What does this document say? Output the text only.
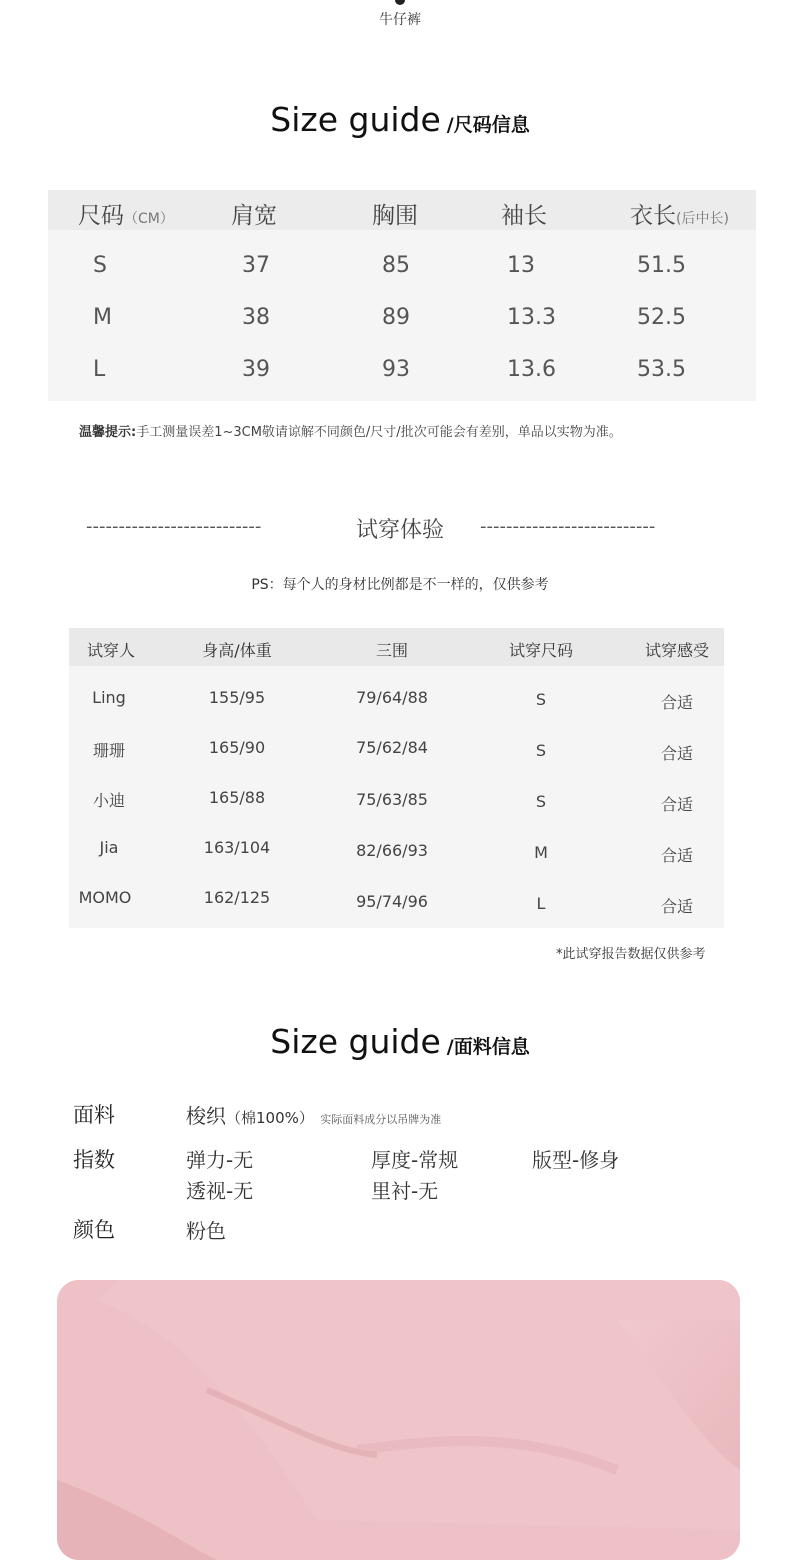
牛仔裤
Size guide /尺码信息
尺码（CM） 肩宽	胸围	袖长	衣长(后中长)
S	37	85	13	51.5
M	38	89	13.3	52.5
L	39	93	13.6	53.5
温馨提示:手工测量误差1~3CM敬请谅解不同颜色/尺寸/批次可能会有差别，单品以实物为准。
---------------------------	试穿体验	---------------------------
PS：每个人的身材比例都是不一样的，仅供参考
试穿人	身高/体重	三围	试穿尺码	试穿感受
Ling	155/95	79/64/88	S	合适
珊珊	165/90	75/62/84	S	合适
小迪	165/88	75/63/85	S	合适
Jia	163/104	82/66/93	M	合适
MOMO	162/125	95/74/96	L	合适
*此试穿报告数据仅供参考
Size guide /面料信息
面料	梭织（棉100%） 实际面料成分以吊牌为准
指数	弹力-无	厚度-常规	版型-修身
透视-无	里衬-无
颜色	粉色
